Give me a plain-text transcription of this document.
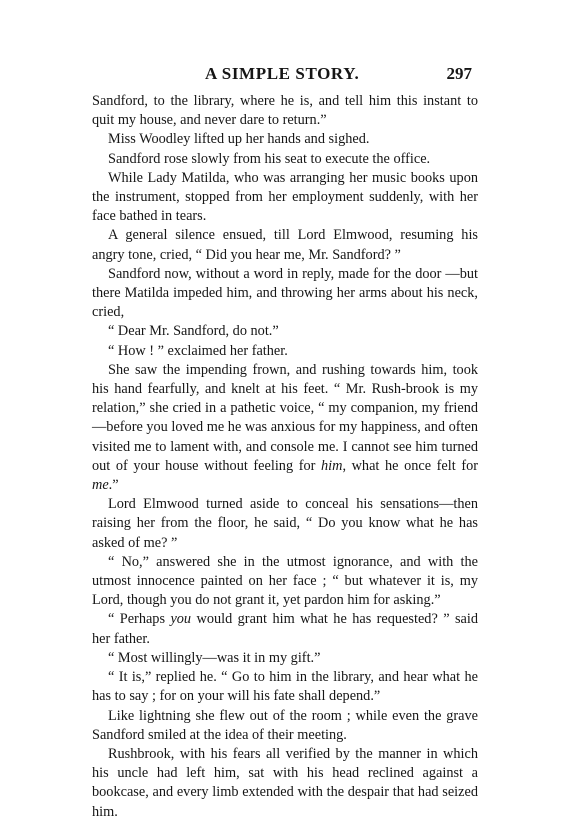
A SIMPLE STORY.	297

Sandford, to the library, where he is, and tell him this instant to quit my house, and never dare to return.”

Miss Woodley lifted up her hands and sighed.

Sandford rose slowly from his seat to execute the office.

While Lady Matilda, who was arranging her music books upon the instrument, stopped from her employment suddenly, with her face bathed in tears.

A general silence ensued, till Lord Elmwood, resuming his angry tone, cried, “ Did you hear me, Mr. Sandford? ”

Sandford now, without a word in reply, made for the door —but there Matilda impeded him, and throwing her arms about his neck, cried,

“ Dear Mr. Sandford, do not.”

“ How ! ” exclaimed her father.

She saw the impending frown, and rushing towards him, took his hand fearfully, and knelt at his feet. “ Mr. Rush-brook is my relation,” she cried in a pathetic voice, “ my companion, my friend—before you loved me he was anxious for my happiness, and often visited me to lament with, and console me. I cannot see him turned out of your house without feeling for him, what he once felt for me.”

Lord Elmwood turned aside to conceal his sensations—then raising her from the floor, he said, “ Do you know what he has asked of me? ”

“ No,” answered she in the utmost ignorance, and with the utmost innocence painted on her face ; “ but whatever it is, my Lord, though you do not grant it, yet pardon him for asking.”

“ Perhaps you would grant him what he has requested? ” said her father.

“ Most willingly—was it in my gift.”

“ It is,” replied he. “ Go to him in the library, and hear what he has to say ; for on your will his fate shall depend.”

Like lightning she flew out of the room ; while even the grave Sandford smiled at the idea of their meeting.

Rushbrook, with his fears all verified by the manner in which his uncle had left him, sat with his head reclined against a bookcase, and every limb extended with the despair that had seized him.
